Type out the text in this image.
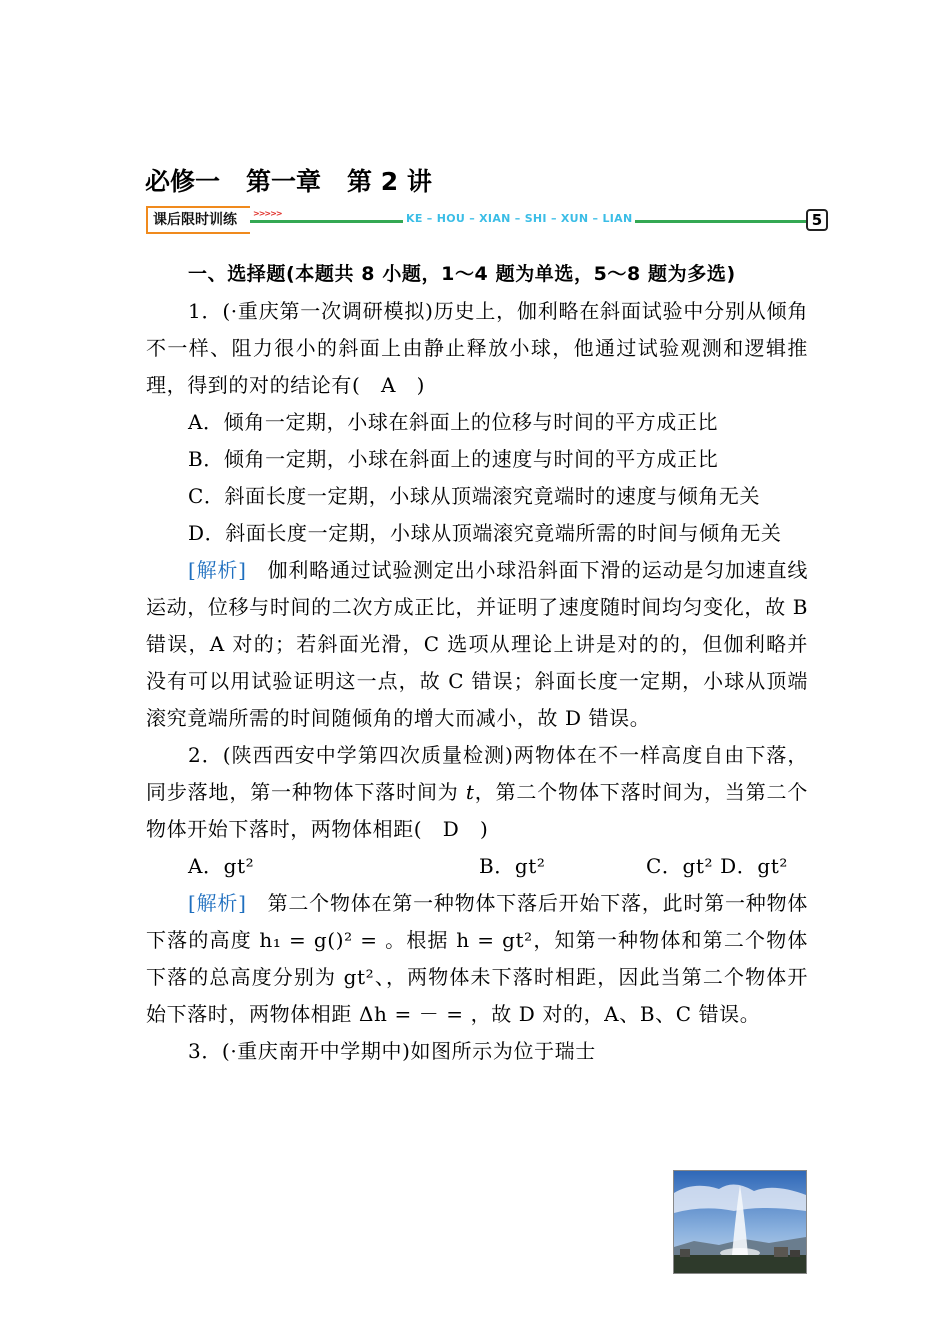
必修一 第一章 第 2 讲
课后限时训练	>>>>>	KE – HOU – XIAN – SHI – XUN – LIAN	5

一、选择题(本题共 8 小题，1～4 题为单选，5～8 题为多选)

1．(·重庆第一次调研模拟)历史上，伽利略在斜面试验中分别从倾角不一样、阻力很小的斜面上由静止释放小球，他通过试验观测和逻辑推理，得到的对的结论有(　A　)

A．倾角一定期，小球在斜面上的位移与时间的平方成正比

B．倾角一定期，小球在斜面上的速度与时间的平方成正比

C．斜面长度一定期，小球从顶端滚究竟端时的速度与倾角无关

D．斜面长度一定期，小球从顶端滚究竟端所需的时间与倾角无关

[解析]　 伽利略通过试验测定出小球沿斜面下滑的运动是匀加速直线运动，位移与时间的二次方成正比，并证明了速度随时间均匀变化，故 B 错误，A 对的；若斜面光滑，C 选项从理论上讲是对的的，但伽利略并没有可以用试验证明这一点，故 C 错误；斜面长度一定期，小球从顶端滚究竟端所需的时间随倾角的增大而减小，故 D 错误。

2．(陕西西安中学第四次质量检测)两物体在不一样高度自由下落，同步落地，第一种物体下落时间为 t，第二个物体下落时间为，当第二个物体开始下落时，两物体相距(　D　)

A．gt²	B．gt²	C．gt² D．gt²

[解析]　 第二个物体在第一种物体下落后开始下落，此时第一种物体下落的高度 h₁ = g()² = 。根据 h = gt²，知第一种物体和第二个物体下落的总高度分别为 gt²、，两物体未下落时相距，因此当第二个物体开始下落时，两物体相距 Δh = － = ，故 D 对的，A、B、C 错误。

3．(·重庆南开中学期中)如图所示为位于瑞士
